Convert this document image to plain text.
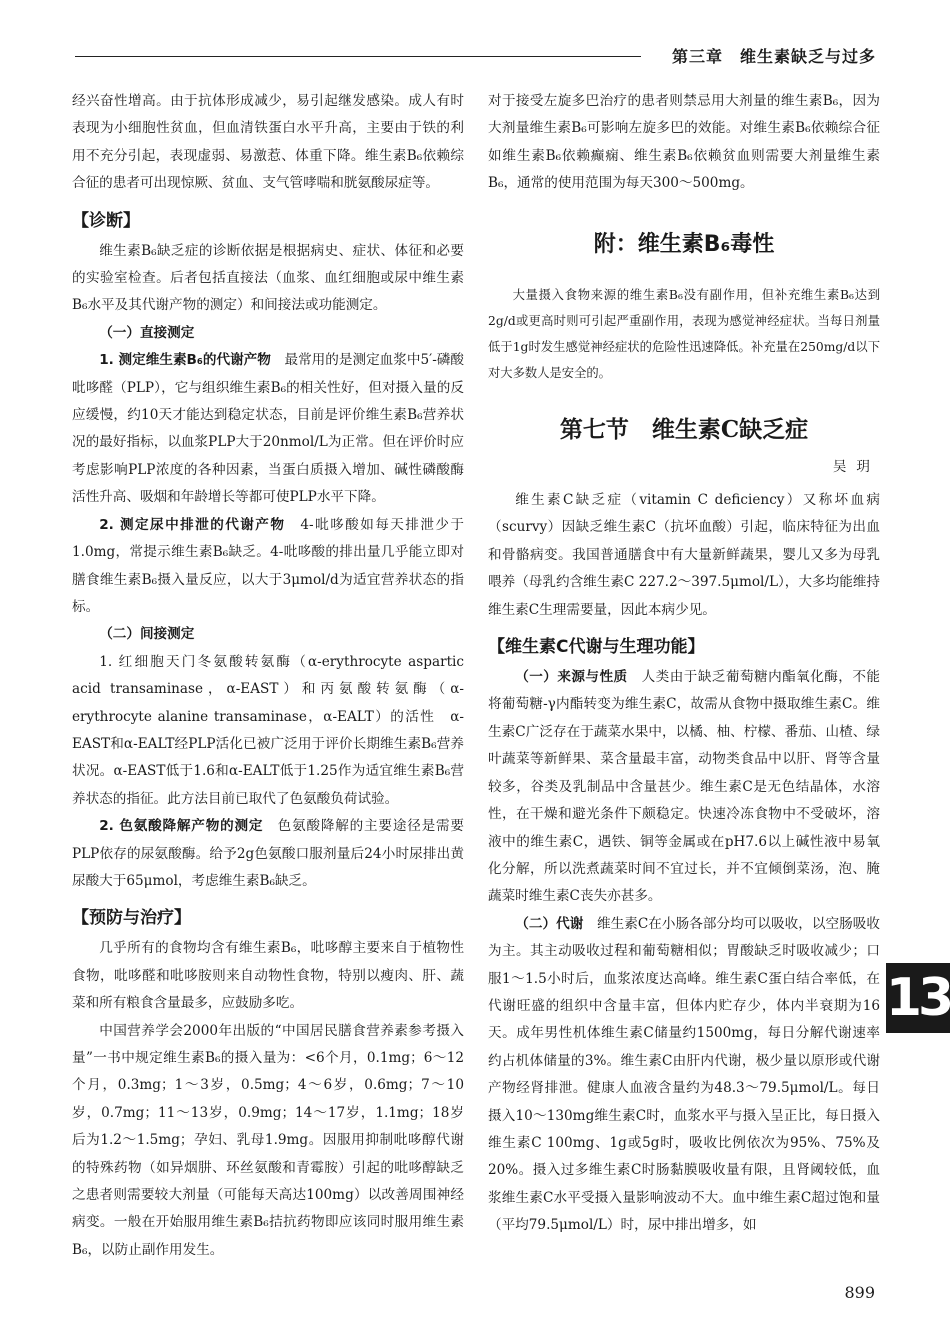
第三章　维生素缺乏与过多

经兴奋性增高。由于抗体形成减少，易引起继发感染。成人有时表现为小细胞性贫血，但血清铁蛋白水平升高，主要由于铁的利用不充分引起，表现虚弱、易激惹、体重下降。维生素B₆依赖综合征的患者可出现惊厥、贫血、支气管哮喘和胱氨酸尿症等。

【诊断】

维生素B₆缺乏症的诊断依据是根据病史、症状、体征和必要的实验室检查。后者包括直接法（血浆、血红细胞或尿中维生素B₆水平及其代谢产物的测定）和间接法或功能测定。

（一）直接测定

1. 测定维生素B₆的代谢产物　最常用的是测定血浆中5′-磷酸吡哆醛（PLP），它与组织维生素B₆的相关性好，但对摄入量的反应缓慢，约10天才能达到稳定状态，目前是评价维生素B₆营养状况的最好指标，以血浆PLP大于20nmol/L为正常。但在评价时应考虑影响PLP浓度的各种因素，当蛋白质摄入增加、碱性磷酸酶活性升高、吸烟和年龄增长等都可使PLP水平下降。

2. 测定尿中排泄的代谢产物　4-吡哆酸如每天排泄少于1.0mg，常提示维生素B₆缺乏。4-吡哆酸的排出量几乎能立即对膳食维生素B₆摄入量反应，以大于3μmol/d为适宜营养状态的指标。

（二）间接测定

1. 红细胞天门冬氨酸转氨酶（α-erythrocyte aspartic acid transaminase，α-EAST）和丙氨酸转氨酶（α-erythrocyte alanine transaminase，α-EALT）的活性　α-EAST和α-EALT经PLP活化已被广泛用于评价长期维生素B₆营养状况。α-EAST低于1.6和α-EALT低于1.25作为适宜维生素B₆营养状态的指征。此方法目前已取代了色氨酸负荷试验。

2. 色氨酸降解产物的测定　色氨酸降解的主要途径是需要PLP依存的尿氨酸酶。给予2g色氨酸口服剂量后24小时尿排出黄尿酸大于65μmol，考虑维生素B₆缺乏。

【预防与治疗】

几乎所有的食物均含有维生素B₆，吡哆醇主要来自于植物性食物，吡哆醛和吡哆胺则来自动物性食物，特别以瘦肉、肝、蔬菜和所有粮食含量最多，应鼓励多吃。

中国营养学会2000年出版的“中国居民膳食营养素参考摄入量”一书中规定维生素B₆的摄入量为：<6个月，0.1mg；6～12个月，0.3mg；1～3岁，0.5mg；4～6岁，0.6mg；7～10岁，0.7mg；11～13岁，0.9mg；14～17岁，1.1mg；18岁后为1.2～1.5mg；孕妇、乳母1.9mg。因服用抑制吡哆醇代谢的特殊药物（如异烟肼、环丝氨酸和青霉胺）引起的吡哆醇缺乏之患者则需要较大剂量（可能每天高达100mg）以改善周围神经病变。一般在开始服用维生素B₆拮抗药物即应该同时服用维生素B₆，以防止副作用发生。

对于接受左旋多巴治疗的患者则禁忌用大剂量的维生素B₆，因为大剂量维生素B₆可影响左旋多巴的效能。对维生素B₆依赖综合征如维生素B₆依赖癫痫、维生素B₆依赖贫血则需要大剂量维生素B₆，通常的使用范围为每天300～500mg。

附：维生素B₆毒性

大量摄入食物来源的维生素B₆没有副作用，但补充维生素B₆达到2g/d或更高时则可引起严重副作用，表现为感觉神经症状。当每日剂量低于1g时发生感觉神经症状的危险性迅速降低。补充量在250mg/d以下对大多数人是安全的。

第七节　维生素C缺乏症
吴玥

维生素C缺乏症（vitamin C deficiency）又称坏血病（scurvy）因缺乏维生素C（抗坏血酸）引起，临床特征为出血和骨骼病变。我国普通膳食中有大量新鲜蔬果，婴儿又多为母乳喂养（母乳约含维生素C 227.2～397.5μmol/L），大多均能维持维生素C生理需要量，因此本病少见。

【维生素C代谢与生理功能】

（一）来源与性质　人类由于缺乏葡萄糖内酯氧化酶，不能将葡萄糖-γ内酯转变为维生素C，故需从食物中摄取维生素C。维生素C广泛存在于蔬菜水果中，以橘、柚、柠檬、番茄、山楂、绿叶蔬菜等新鲜果、菜含量最丰富，动物类食品中以肝、肾等含量较多，谷类及乳制品中含量甚少。维生素C是无色结晶体，水溶性，在干燥和避光条件下颇稳定。快速冷冻食物中不受破坏，溶液中的维生素C，遇铁、铜等金属或在pH7.6以上碱性液中易氧化分解，所以洗煮蔬菜时间不宜过长，并不宜倾倒菜汤，泡、腌蔬菜时维生素C丧失亦甚多。

（二）代谢　维生素C在小肠各部分均可以吸收，以空肠吸收为主。其主动吸收过程和葡萄糖相似；胃酸缺乏时吸收减少；口服1～1.5小时后，血浆浓度达高峰。维生素C蛋白结合率低，在代谢旺盛的组织中含量丰富，但体内贮存少，体内半衰期为16天。成年男性机体维生素C储量约1500mg，每日分解代谢速率约占机体储量的3%。维生素C由肝内代谢，极少量以原形或代谢产物经肾排泄。健康人血液含量约为48.3～79.5μmol/L。每日摄入10～130mg维生素C时，血浆水平与摄入呈正比，每日摄入维生素C 100mg、1g或5g时，吸收比例依次为95%、75%及20%。摄入过多维生素C时肠黏膜吸收量有限，且肾阈较低，血浆维生素C水平受摄入量影响波动不大。血中维生素C超过饱和量（平均79.5μmol/L）时，尿中排出增多，如

13
899
